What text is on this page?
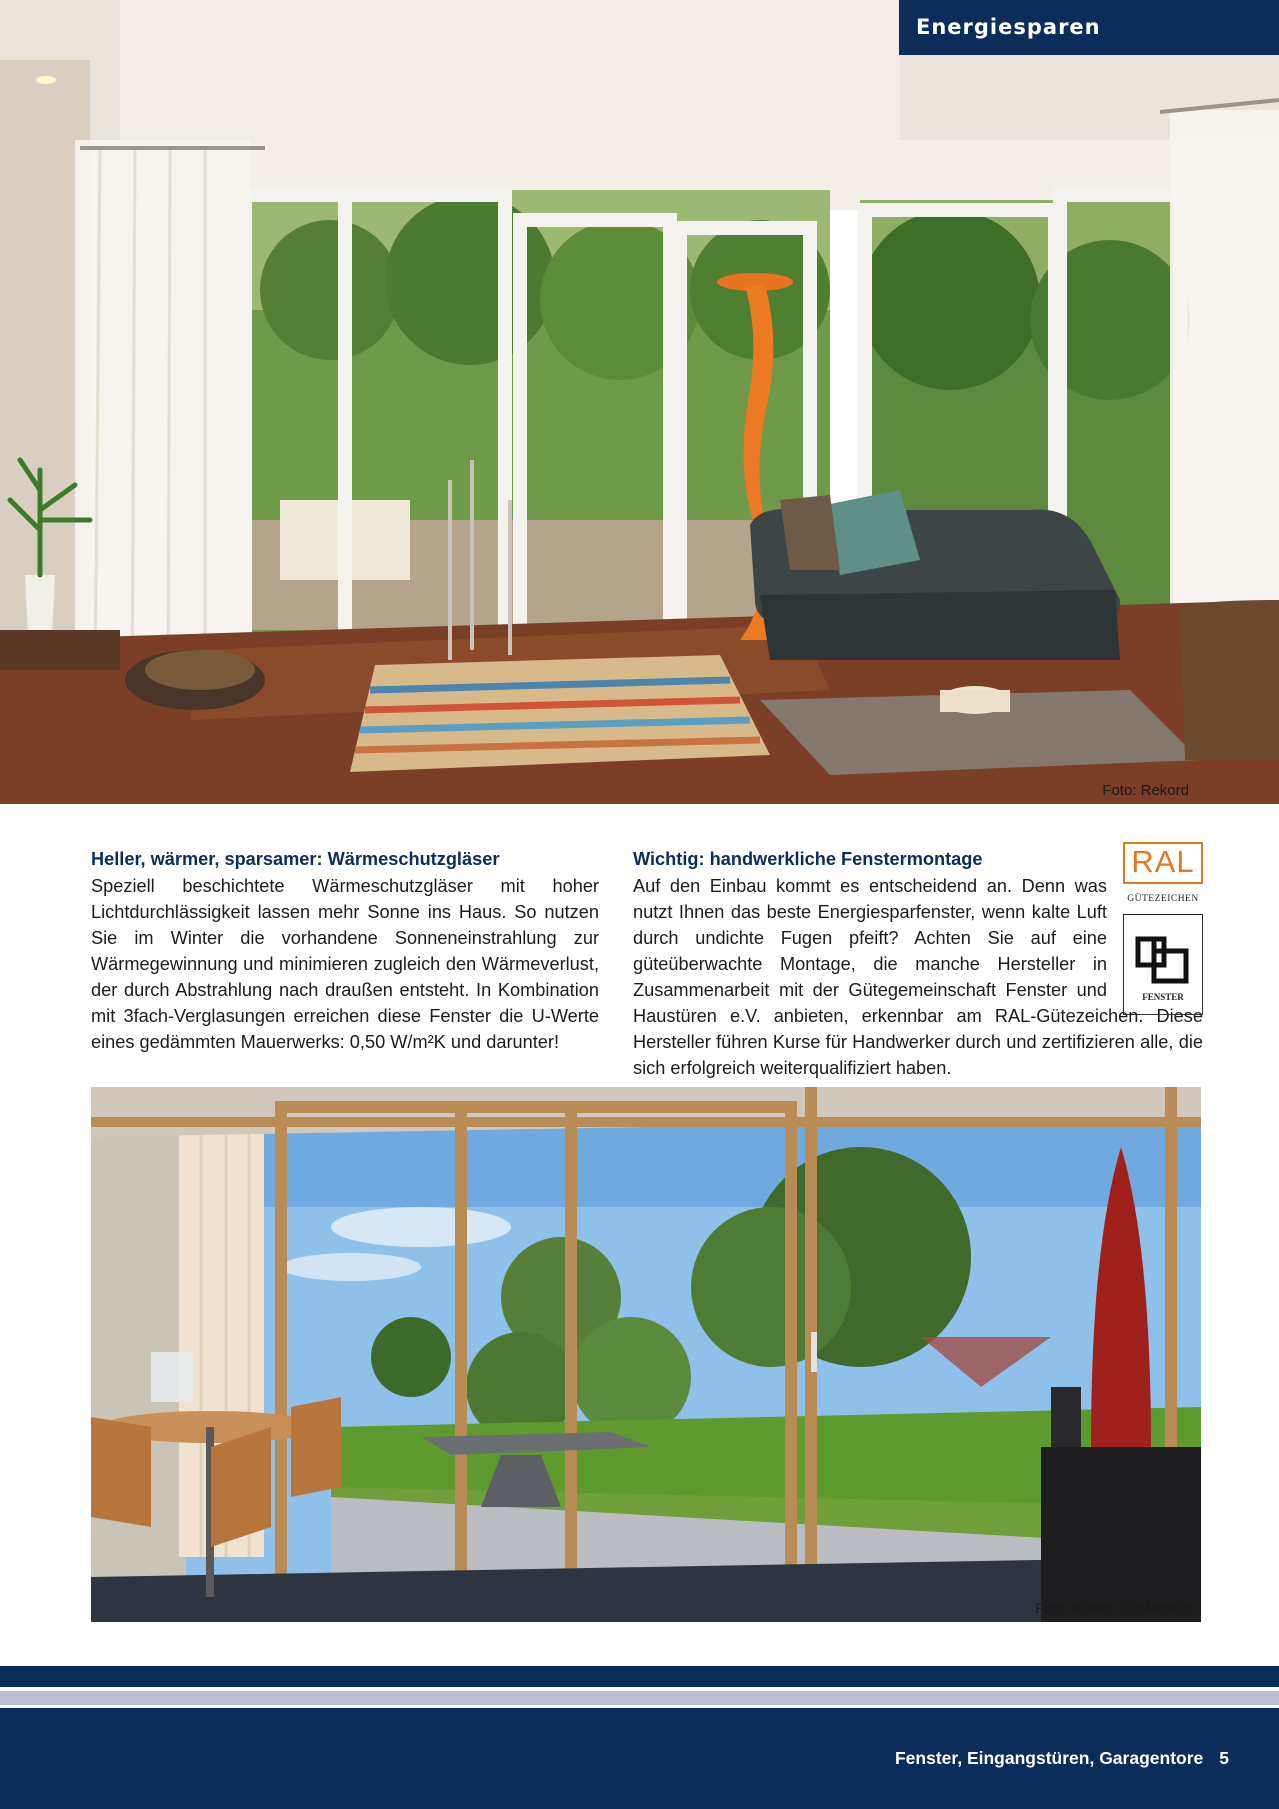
Energiesparen
Foto: Rekord
Heller, wärmer, sparsamer: Wärmeschutzgläser

Speziell beschichtete Wärmeschutzgläser mit hoher Lichtdurchlässigkeit lassen mehr Sonne ins Haus. So nutzen Sie im Winter die vorhandene Sonneneinstrahlung zur Wärmegewinnung und minimieren zugleich den Wärmeverlust, der durch Abstrahlung nach draußen entsteht. In Kombination mit 3fach-Verglasungen erreichen diese Fenster die U-Werte eines gedämmten Mauerwerks: 0,50 W/m²K und darunter!

RAL
GÜTEZEICHEN
FENSTER
Wichtig: handwerkliche Fenstermontage

Auf den Einbau kommt es entscheidend an. Denn was nutzt Ihnen das beste Energiesparfenster, wenn kalte Luft durch undichte Fugen pfeift? Achten Sie auf eine güteüberwachte Montage, die manche Hersteller in Zusammenarbeit mit der Gütegemeinschaft Fenster und Haustüren e.V. anbieten, erkennbar am RAL-Gütezeichen. Diese Hersteller führen Kurse für Handwerker durch und zertifizieren alle, die sich erfolgreich weiterqualifiziert haben.

Foto: Kneer-Südfenster
Fenster, Eingangstüren, Garagentore 5
